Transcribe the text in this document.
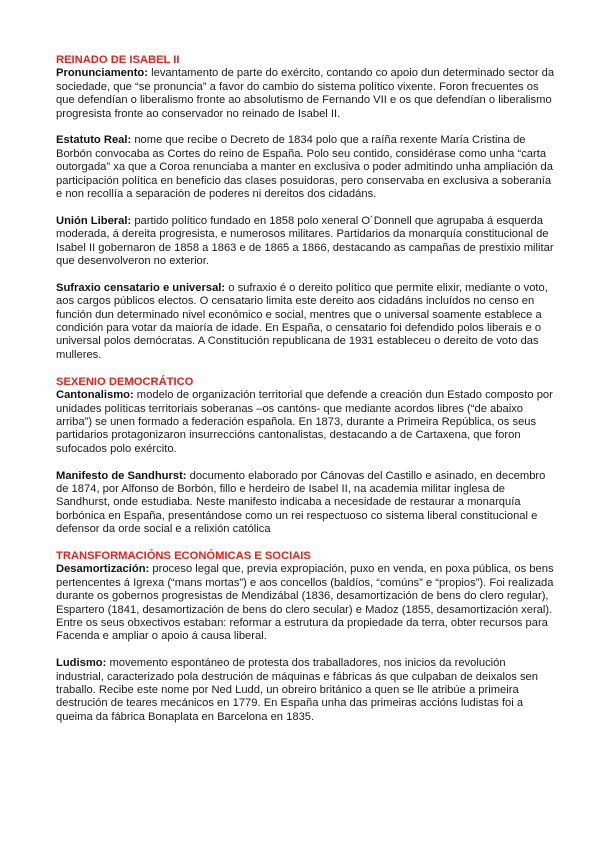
REINADO DE ISABEL II

Pronunciamento: levantamento de parte do exército, contando co apoio dun determinado sector da sociedade, que “se pronuncia” a favor do cambio do sistema político vixente. Foron frecuentes os que defendían o liberalismo fronte ao absolutismo de Fernando VII e os que defendían o liberalismo progresista fronte ao conservador no reinado de Isabel II.

Estatuto Real: nome que recibe o Decreto de 1834 polo que a raíña rexente María Cristina de Borbón convocaba as Cortes do reino de España. Polo seu contido, considérase como unha “carta outorgada” xa que a Coroa renunciaba a manter en exclusiva o poder admitindo unha ampliación da participación política en beneficio das clases posuidoras, pero conservaba en exclusiva a soberanía e non recollía a separación de poderes ni dereitos dos cidadáns.

Unión Liberal: partido político fundado en 1858 polo xeneral O´Donnell que agrupaba á esquerda moderada, á dereita progresista, e numerosos militares. Partidarios da monarquía constitucional de Isabel II gobernaron de 1858 a 1863 e de 1865 a 1866, destacando as campañas de prestixio militar que desenvolveron no exterior.

Sufraxio censatario e universal: o sufraxio é o dereito político que permite elixir, mediante o voto, aos cargos públicos electos. O censatario limita este dereito aos cidadáns incluídos no censo en función dun determinado nivel económico e social, mentres que o universal soamente establece a condición para votar da maioría de idade. En España, o censatario foi defendido polos liberais e o universal polos demócratas. A Constitución republicana de 1931 estableceu o dereito de voto das mulleres.

SEXENIO DEMOCRÁTICO

Cantonalismo: modelo de organización territorial que defende a creación dun Estado composto por unidades políticas territoriais soberanas –os cantóns- que mediante acordos libres (“de abaixo arriba”) se unen formado a federación española. En 1873, durante a Primeira República, os seus partidarios protagonizaron insurreccións cantonalistas, destacando a de Cartaxena, que foron sufocados polo exército.

Manifesto de Sandhurst: documento elaborado por Cánovas del Castillo e asinado, en decembro de 1874, por Alfonso de Borbón, fillo e herdeiro de Isabel II, na academia militar inglesa de Sandhurst, onde estudiaba. Neste manifesto indicaba a necesidade de restaurar a monarquía borbónica en España, presentándose como un rei respectuoso co sistema liberal constitucional e defensor da orde social e a relixión católica

TRANSFORMACIÓNS ECONÓMICAS E SOCIAIS

Desamortización: proceso legal que, previa expropiación, puxo en venda, en poxa pública, os bens pertencentes á Igrexa (“mans mortas”) e aos concellos (baldíos, “comúns” e “propios”). Foi realizada durante os gobernos progresistas de Mendizábal (1836, desamortización de bens do clero regular), Espartero (1841, desamortización de bens do clero secular) e Madoz (1855, desamortización xeral). Entre os seus obxectivos estaban: reformar a estrutura da propiedade da terra, obter recursos para Facenda e ampliar o apoio á causa liberal.

Ludismo: movemento espontáneo de protesta dos traballadores, nos inicios da revolución industrial, caracterizado pola destrución de máquinas e fábricas ás que culpaban de deixalos sen traballo. Recibe este nome por Ned Ludd, un obreiro británico a quen se lle atribúe a primeira destrución de teares mecánicos en 1779. En España unha das primeiras accións ludistas foi a queima da fábrica Bonaplata en Barcelona en 1835.
